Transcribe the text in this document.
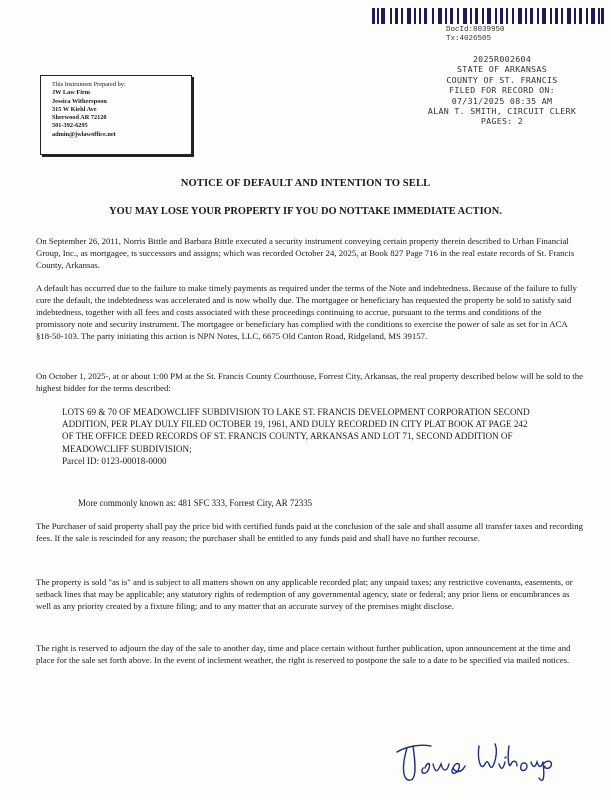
DocId:8039950
Tx:4026505
2025R002604
STATE OF ARKANSAS
COUNTY OF ST. FRANCIS
FILED FOR RECORD ON:
07/31/2025 08:35 AM
ALAN T. SMITH, CIRCUIT CLERK
PAGES: 2
This Instrument Prepared by:
JW Law Firm
Jessica Witherspoon
315 W Kiehl Ave
Sherwood AR 72120
501-392-6295
admin@jwlawoffice.net
NOTICE OF DEFAULT AND INTENTION TO SELL
YOU MAY LOSE YOUR PROPERTY IF YOU DO NOTTAKE IMMEDIATE ACTION.

On September 26, 2011, Norris Bittle and Barbara Bittle executed a security instrument conveying certain property therein described to Urban Financial Group, Inc., as mortgagee, ts successors and assigns; which was recorded October 24, 2025, at Book 827 Page 716 in the real estate records of St. Francis County, Arkansas.

A default has occurred due to the failure to make timely payments as required under the terms of the Note and indebtedness. Because of the failure to fully cure the default, the indebtedness was accelerated and is now wholly due. The mortgagee or beneficiary has requested the property be sold to satisfy said indebtedness, together with all fees and costs associated with these proceedings continuing to accrue, pursuant to the terms and conditions of the promissory note and security instrument. The mortgagee or beneficiary has complied with the conditions to exercise the power of sale as set for in ACA §18-50-103. The party initiating this action is NPN Notes, LLC, 6675 Old Canton Road, Ridgeland, MS 39157.

On October 1, 2025-, at or about 1:00 PM at the St. Francis County Courthouse, Forrest City, Arkansas, the real property described below will be sold to the highest bidder for the terms described:

LOTS 69 & 70 OF MEADOWCLIFF SUBDIVISION TO LAKE ST. FRANCIS DEVELOPMENT CORPORATION SECOND ADDITION, PER PLAY DULY FILED OCTOBER 19, 1961, AND DULY RECORDED IN CITY PLAT BOOK AT PAGE 242 OF THE OFFICE DEED RECORDS OF ST. FRANCIS COUNTY, ARKANSAS AND LOT 71, SECOND ADDITION OF MEADOWCLIFF SUBDIVISION;
Parcel ID: 0123-00018-0000
More commonly known as: 481 SFC 333, Forrest City, AR 72335

The Purchaser of said property shall pay the price bid with certified funds paid at the conclusion of the sale and shall assume all transfer taxes and recording fees. If the sale is rescinded for any reason; the purchaser shall be entitled to any funds paid and shall have no further recourse.

The property is sold "as is" and is subject to all matters shown on any applicable recorded plat; any unpaid taxes; any restrictive covenants, easements, or setback lines that may be applicable; any statutory rights of redemption of any governmental agency, state or federal; any prior liens or encumbrances as well as any priority created by a fixture filing; and to any matter that an accurate survey of the premises might disclose.

The right is reserved to adjourn the day of the sale to another day, time and place certain without further publication, upon announcement at the time and place for the sale set forth above. In the event of inclement weather, the right is reserved to postpone the sale to a date to be specified via mailed notices.
